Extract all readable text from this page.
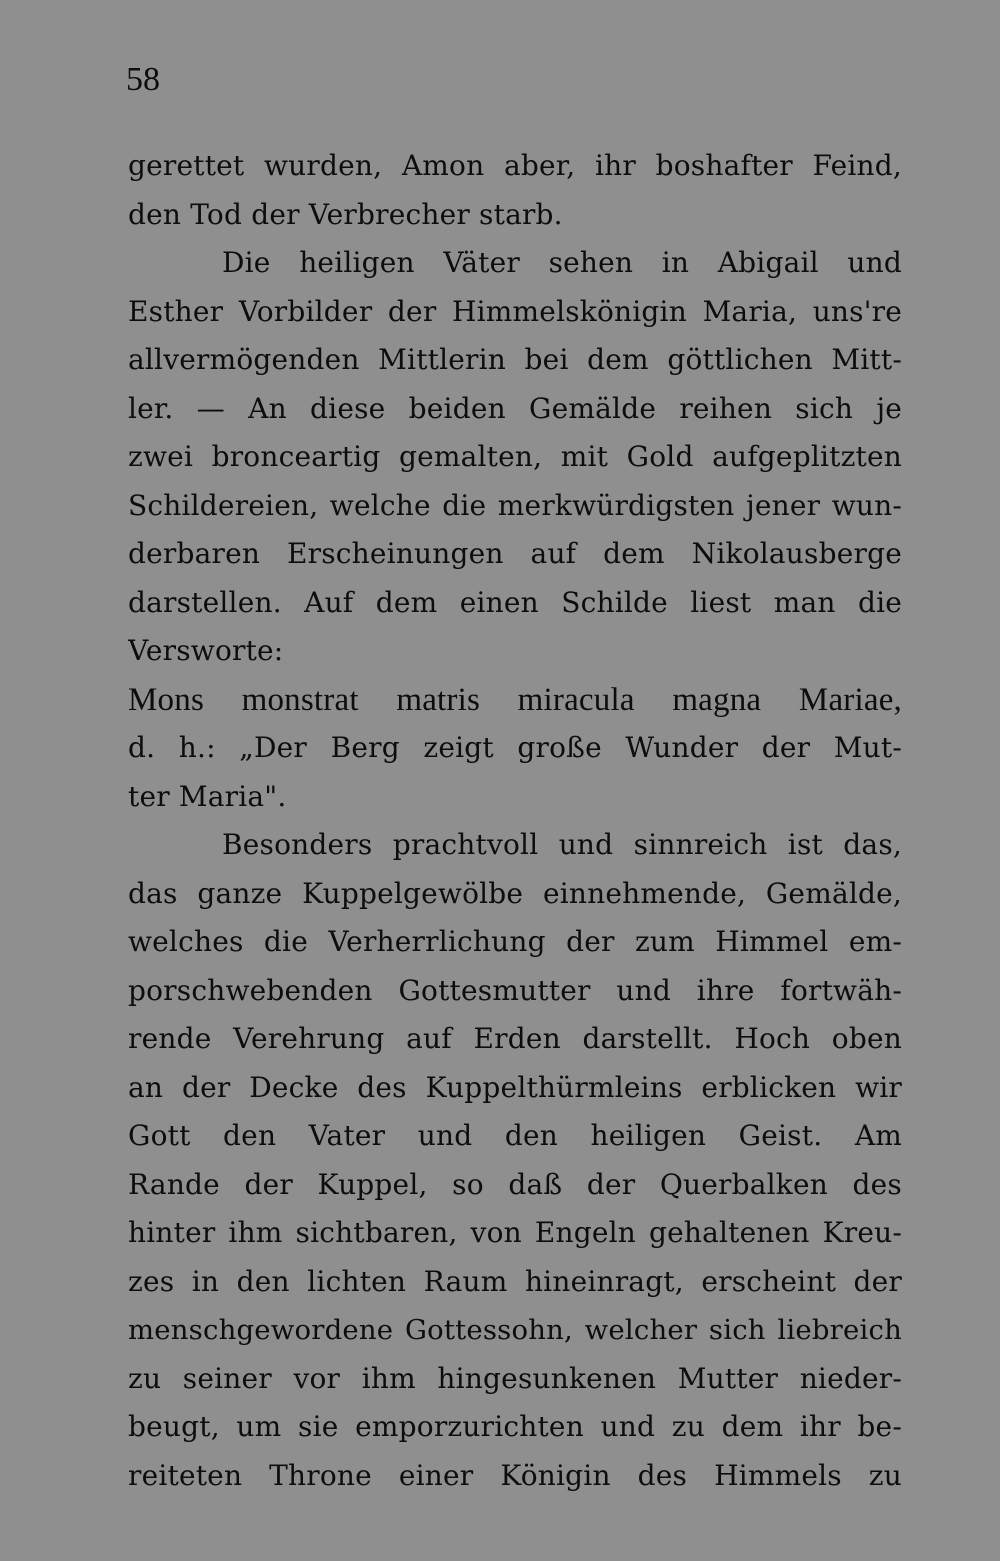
58
gerettet wurden, Amon aber, ihr boshafter Feind,
den Tod der Verbrecher starb.
Die heiligen Väter sehen in Abigail und
Esther Vorbilder der Himmelskönigin Maria, uns're
allvermögenden Mittlerin bei dem göttlichen Mitt-
ler. — An diese beiden Gemälde reihen sich je
zwei bronceartig gemalten, mit Gold aufgeplitzten
Schildereien, welche die merkwürdigsten jener wun-
derbaren Erscheinungen auf dem Nikolausberge
darstellen. Auf dem einen Schilde liest man die
Versworte:
Mons monstrat matris miracula magna Mariae,
d. h.: „Der Berg zeigt große Wunder der Mut-
ter Maria".
Besonders prachtvoll und sinnreich ist das,
das ganze Kuppelgewölbe einnehmende, Gemälde,
welches die Verherrlichung der zum Himmel em-
porschwebenden Gottesmutter und ihre fortwäh-
rende Verehrung auf Erden darstellt. Hoch oben
an der Decke des Kuppelthürmleins erblicken wir
Gott den Vater und den heiligen Geist. Am
Rande der Kuppel, so daß der Querbalken des
hinter ihm sichtbaren, von Engeln gehaltenen Kreu-
zes in den lichten Raum hineinragt, erscheint der
menschgewordene Gottessohn, welcher sich liebreich
zu seiner vor ihm hingesunkenen Mutter nieder-
beugt, um sie emporzurichten und zu dem ihr be-
reiteten Throne einer Königin des Himmels zu
